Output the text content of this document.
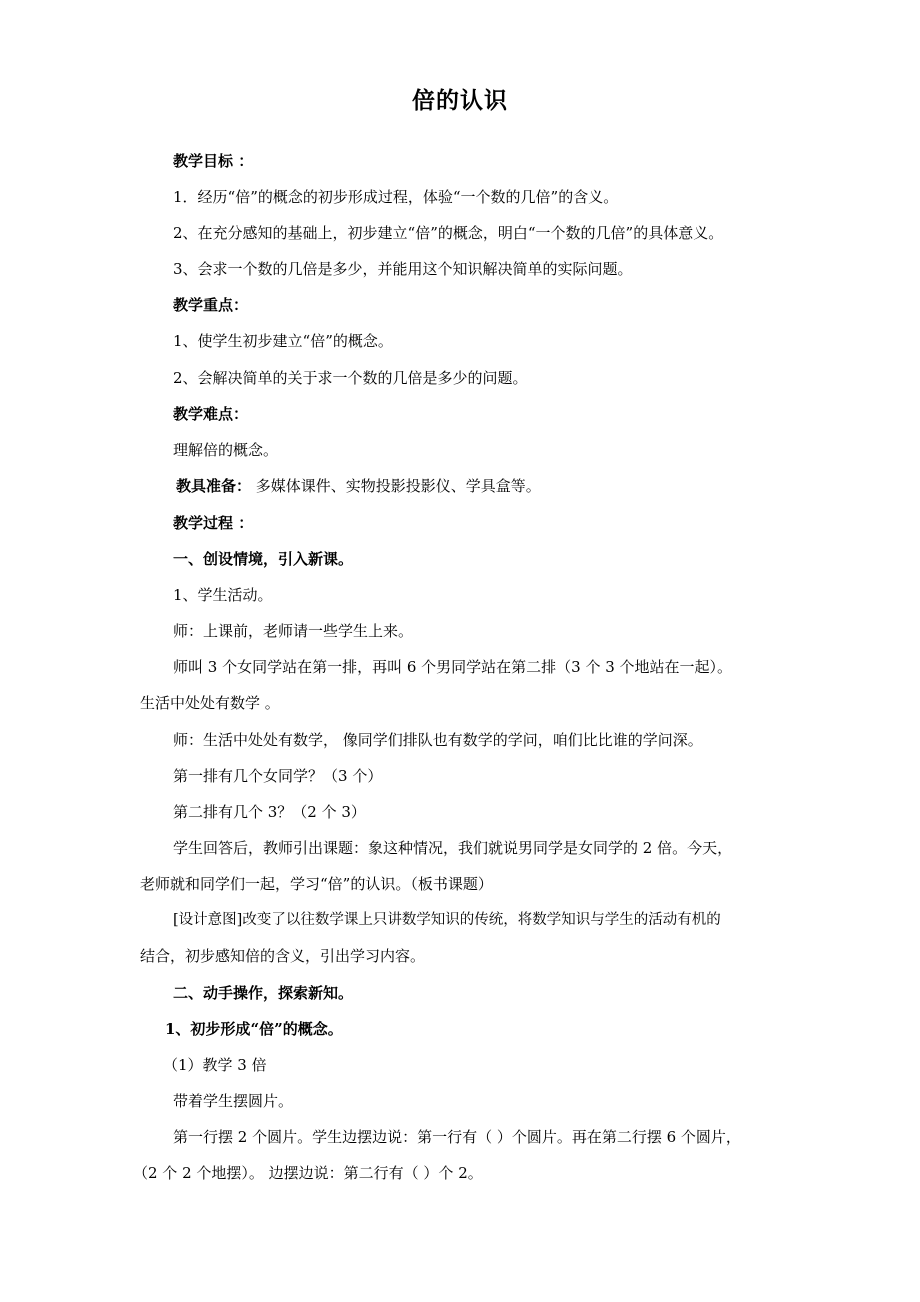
倍的认识
教学目标 ：
1．经历“倍”的概念的初步形成过程，体验“一个数的几倍”的含义。
2、在充分感知的基础上，初步建立“倍”的概念，明白“一个数的几倍”的具体意义。
3、会求一个数的几倍是多少，并能用这个知识解决简单的实际问题。
教学重点：
1、使学生初步建立“倍”的概念。
2、会解决简单的关于求一个数的几倍是多少的问题。
教学难点：
理解倍的概念。
教具准备： 多媒体课件、实物投影投影仪、学具盒等。
教学过程 ：
一、创设情境，引入新课。
1、学生活动。
师：上课前，老师请一些学生上来。
师叫 3 个女同学站在第一排，再叫 6 个男同学站在第二排（3 个 3 个地站在一起）。
生活中处处有数学 。
师：生活中处处有数学， 像同学们排队也有数学的学问，咱们比比谁的学问深。
第一排有几个女同学？（3 个）
第二排有几个 3？（2 个 3）
学生回答后，教师引出课题：象这种情况，我们就说男同学是女同学的 2 倍。今天，
老师就和同学们一起，学习“倍”的认识。（板书课题）
[设计意图]改变了以往数学课上只讲数学知识的传统，将数学知识与学生的活动有机的
结合，初步感知倍的含义，引出学习内容。
二、动手操作，探索新知。
1、初步形成“倍”的概念。
（1）教学 3 倍
带着学生摆圆片。
第一行摆 2 个圆片。学生边摆边说：第一行有（ ）个圆片。再在第二行摆 6 个圆片，
（2 个 2 个地摆）。 边摆边说：第二行有（ ）个 2。
